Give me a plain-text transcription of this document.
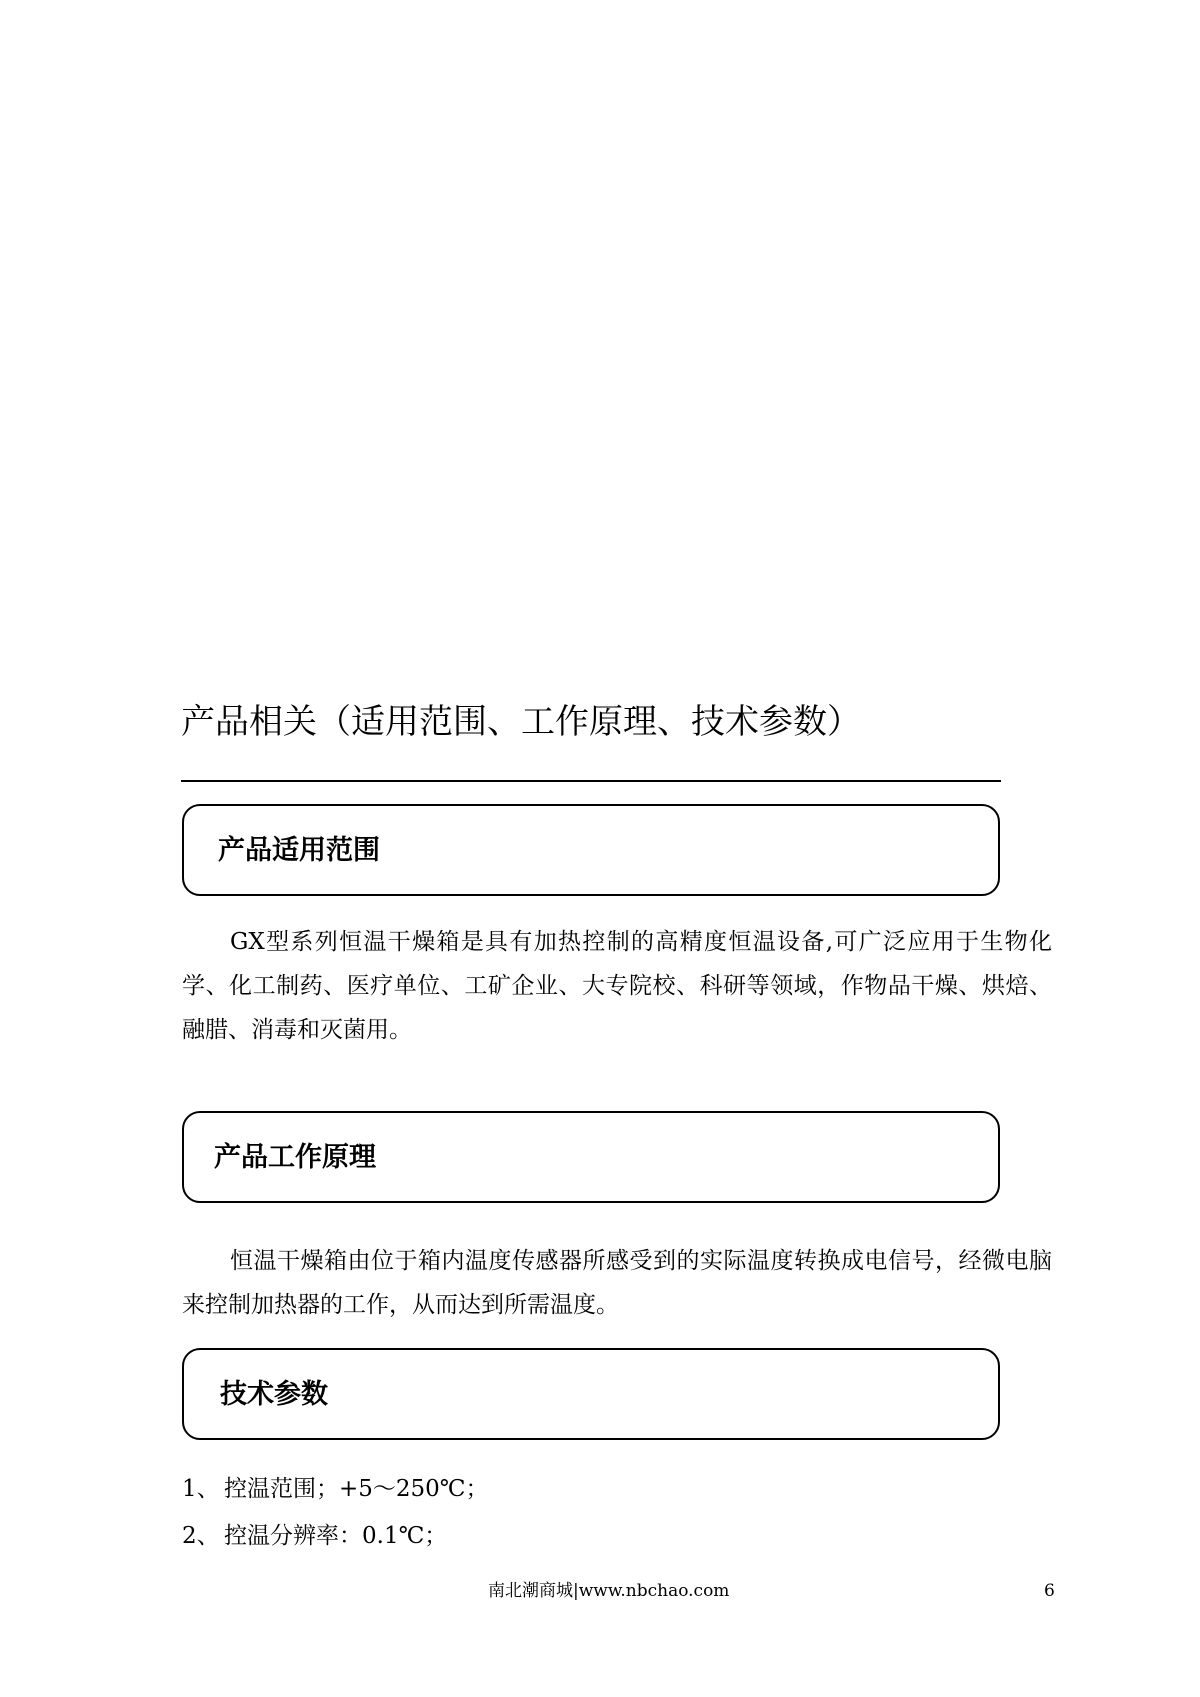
产品相关（适用范围、工作原理、技术参数）
产品适用范围

GX型系列恒温干燥箱是具有加热控制的高精度恒温设备,可广泛应用于生物化学、化工制药、医疗单位、工矿企业、大专院校、科研等领域，作物品干燥、烘焙、融腊、消毒和灭菌用。

产品工作原理

恒温干燥箱由位于箱内温度传感器所感受到的实际温度转换成电信号，经微电脑来控制加热器的工作，从而达到所需温度。

技术参数
1、 控温范围；+5～250℃；
2、 控温分辨率：0.1℃；
南北潮商城|www.nbchao.com	6
